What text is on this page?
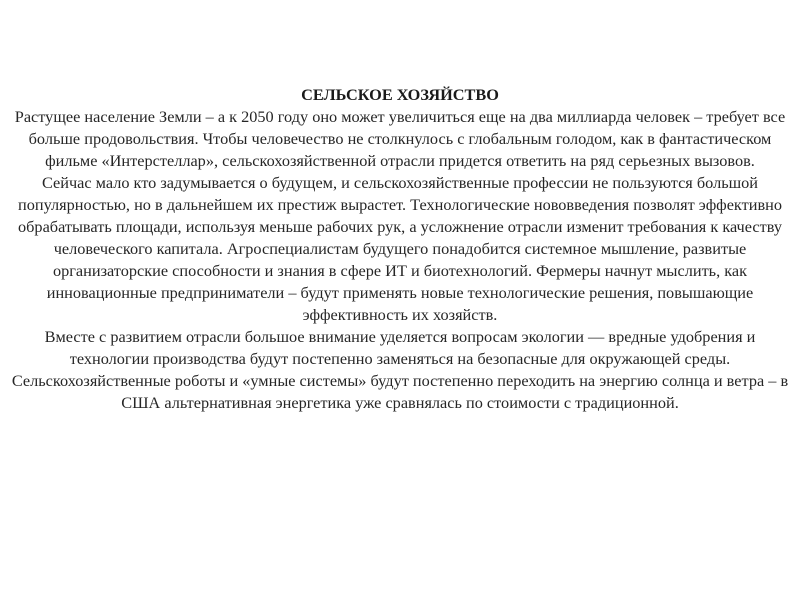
СЕЛЬСКОЕ ХОЗЯЙСТВО
Растущее население Земли – а к 2050 году оно может увеличиться еще на два миллиарда человек – требует все больше продовольствия. Чтобы человечество не столкнулось с глобальным голодом, как в фантастическом фильме «Интерстеллар», сельскохозяйственной отрасли придется ответить на ряд серьезных вызовов.
Сейчас мало кто задумывается о будущем, и сельскохозяйственные профессии не пользуются большой популярностью, но в дальнейшем их престиж вырастет. Технологические нововведения позволят эффективно обрабатывать площади, используя меньше рабочих рук, а усложнение отрасли изменит требования к качеству человеческого капитала. Агроспециалистам будущего понадобится системное мышление, развитые организаторские способности и знания в сфере ИТ и биотехнологий. Фермеры начнут мыслить, как инновационные предприниматели – будут применять новые технологические решения, повышающие эффективность их хозяйств.
Вместе с развитием отрасли большое внимание уделяется вопросам экологии — вредные удобрения и технологии производства будут постепенно заменяться на безопасные для окружающей среды. Сельскохозяйственные роботы и «умные системы» будут постепенно переходить на энергию солнца и ветра – в США альтернативная энергетика уже сравнялась по стоимости с традиционной.
